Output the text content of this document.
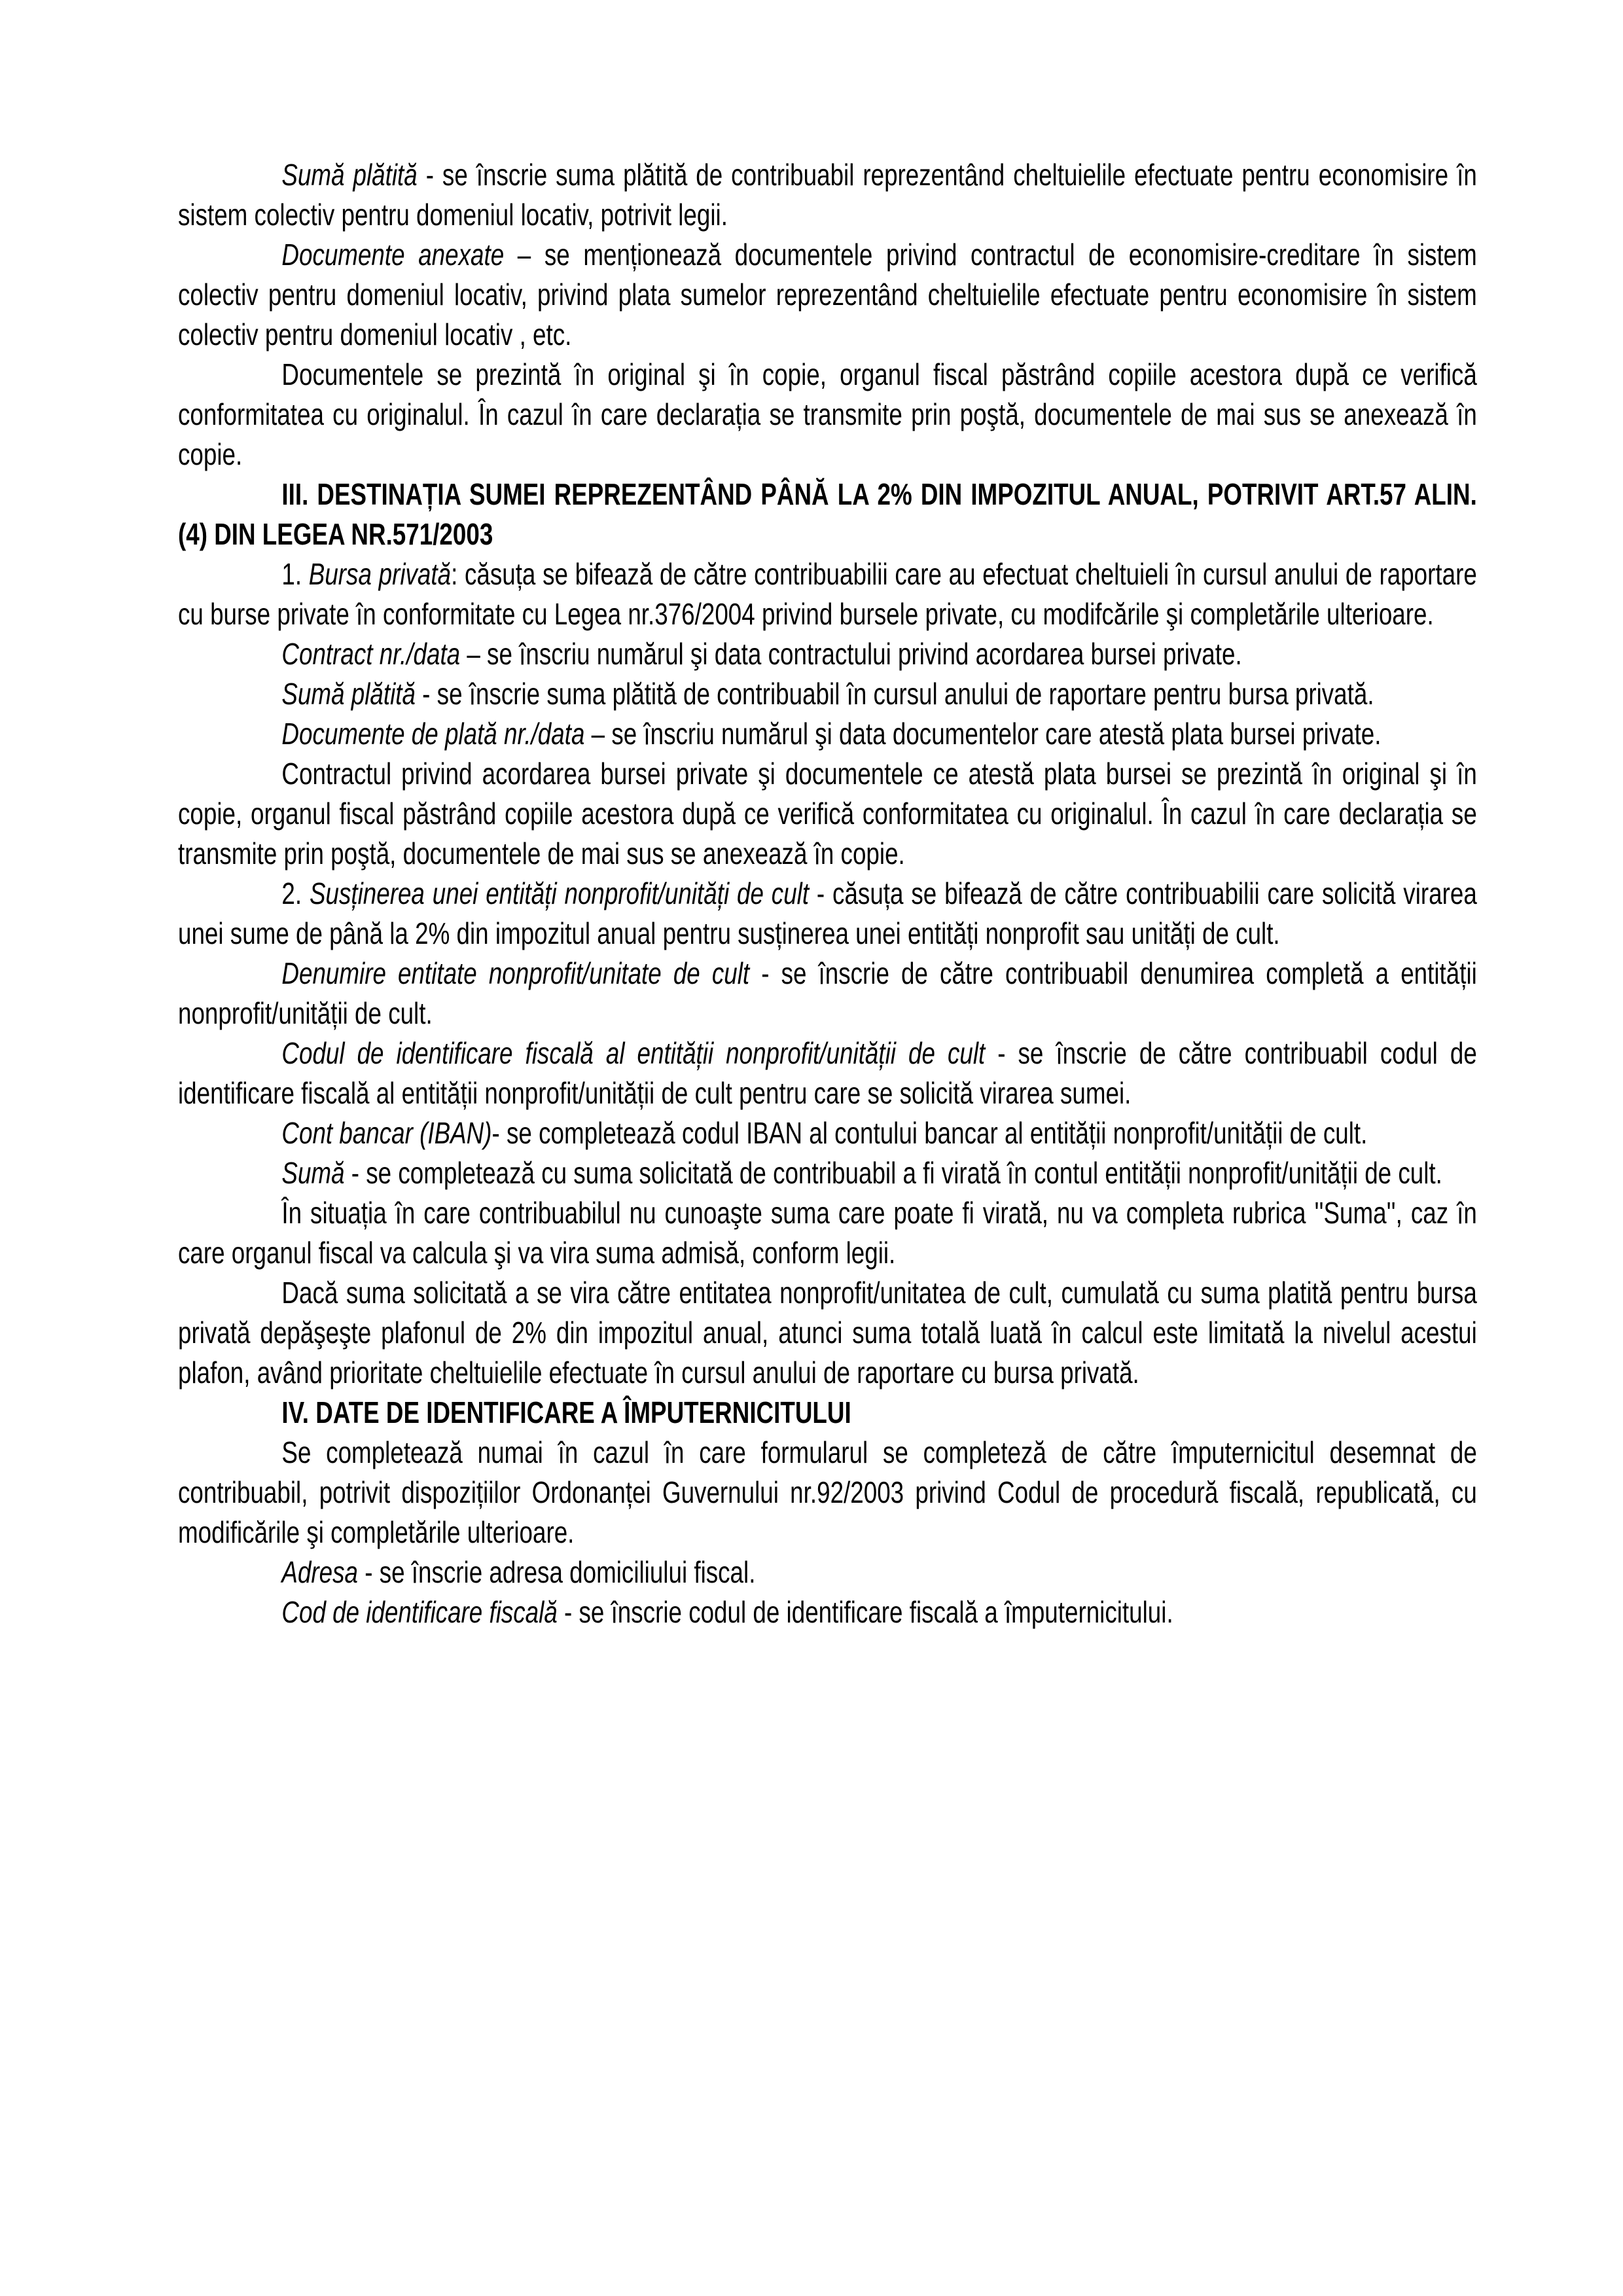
Sumă plătită - se înscrie suma plătită de contribuabil reprezentând cheltuielile efectuate pentru economisire în sistem colectiv pentru domeniul locativ, potrivit legii.

Documente anexate – se menționează documentele privind contractul de economisire-creditare în sistem colectiv pentru domeniul locativ, privind plata sumelor reprezentând cheltuielile efectuate pentru economisire în sistem colectiv pentru domeniul locativ , etc.

Documentele se prezintă în original şi în copie, organul fiscal păstrând copiile acestora după ce verifică conformitatea cu originalul. În cazul în care declarația se transmite prin poştă, documentele de mai sus se anexează în copie.

III. DESTINAȚIA SUMEI REPREZENTÂND PÂNĂ LA 2% DIN IMPOZITUL ANUAL, POTRIVIT ART.57 ALIN. (4) DIN LEGEA NR.571/2003

1. Bursa privată: căsuța se bifează de către contribuabilii care au efectuat cheltuieli în cursul anului de raportare cu burse private în conformitate cu Legea nr.376/2004 privind bursele private, cu modifcările şi completările ulterioare.

Contract nr./data – se înscriu numărul şi data contractului privind acordarea bursei private.

Sumă plătită - se înscrie suma plătită de contribuabil în cursul anului de raportare pentru bursa privată.

Documente de plată nr./data – se înscriu numărul şi data documentelor care atestă plata bursei private.

Contractul privind acordarea bursei private şi documentele ce atestă plata bursei se prezintă în original şi în copie, organul fiscal păstrând copiile acestora după ce verifică conformitatea cu originalul. În cazul în care declarația se transmite prin poştă, documentele de mai sus se anexează în copie.

2. Susținerea unei entități nonprofit/unități de cult - căsuța se bifează de către contribuabilii care solicită virarea unei sume de până la 2% din impozitul anual pentru susținerea unei entități nonprofit sau unități de cult.

Denumire entitate nonprofit/unitate de cult - se înscrie de către contribuabil denumirea completă a entității nonprofit/unității de cult.

Codul de identificare fiscală al entității nonprofit/unității de cult - se înscrie de către contribuabil codul de identificare fiscală al entității nonprofit/unității de cult pentru care se solicită virarea sumei.

Cont bancar (IBAN)- se completează codul IBAN al contului bancar al entității nonprofit/unității de cult.

Sumă - se completează cu suma solicitată de contribuabil a fi virată în contul entității nonprofit/unității de cult.

În situația în care contribuabilul nu cunoaşte suma care poate fi virată, nu va completa rubrica ''Suma'', caz în care organul fiscal va calcula şi va vira suma admisă, conform legii.

Dacă suma solicitată a se vira către entitatea nonprofit/unitatea de cult, cumulată cu suma platită pentru bursa privată depăşeşte plafonul de 2% din impozitul anual, atunci suma totală luată în calcul este limitată la nivelul acestui plafon, având prioritate cheltuielile efectuate în cursul anului de raportare cu bursa privată.

IV. DATE DE IDENTIFICARE A ÎMPUTERNICITULUI

Se completează numai în cazul în care formularul se completeză de către împuternicitul desemnat de contribuabil, potrivit dispozițiilor Ordonanței Guvernului nr.92/2003 privind Codul de procedură fiscală, republicată, cu modificările şi completările ulterioare.

Adresa - se înscrie adresa domiciliului fiscal.

Cod de identificare fiscală - se înscrie codul de identificare fiscală a împuternicitului.
